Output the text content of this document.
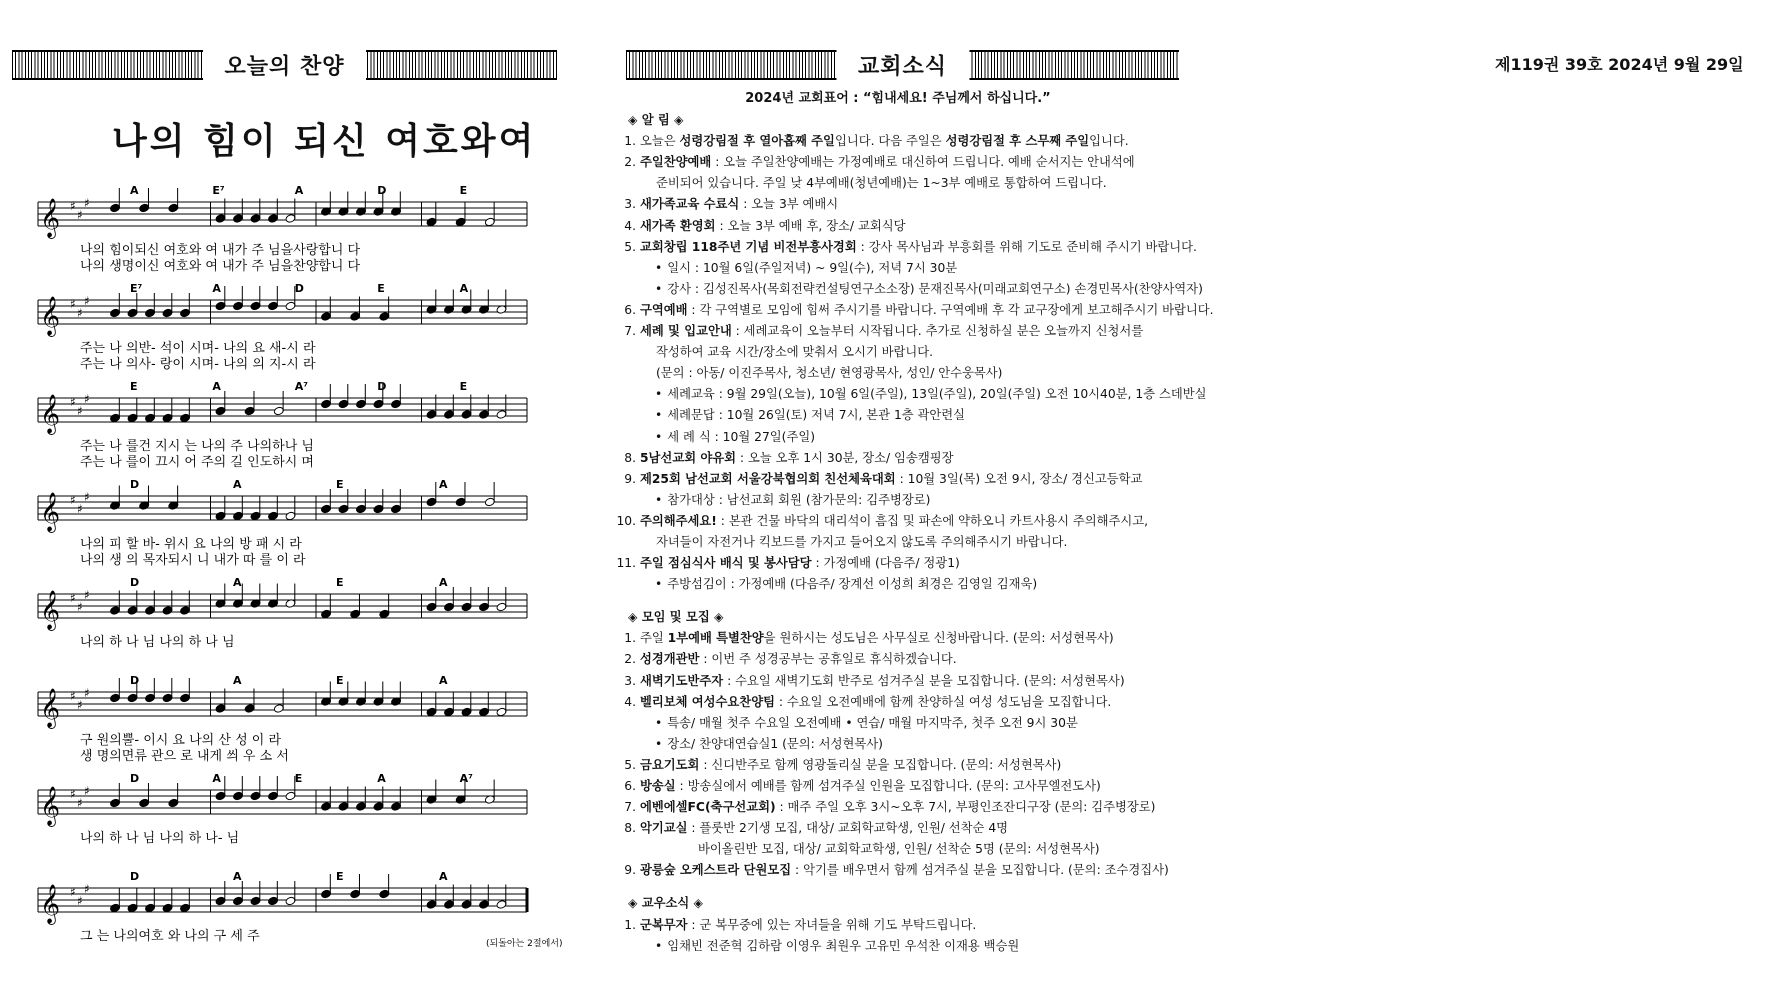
오늘의 찬양
나의 힘이 되신 여호와여
A	E⁷	A	D	E
𝄞 ♯
♯
♯
나의 힘이되신 여호와 여 내가 주 님을사랑합니 다
나의 생명이신 여호와 여 내가 주 님을찬양합니 다
E⁷	A	D	E	A
𝄞 ♯
♯
♯
주는 나 의반- 석이 시며- 나의 요 새-시 라
주는 나 의사- 랑이 시며- 나의 의 지-시 라
E	A	A⁷	D	E
𝄞 ♯
♯
♯
주는 나 를건 지시 는 나의 주 나의하나 님
주는 나 를이 끄시 어 주의 길 인도하시 며
D	A	E	A
𝄞 ♯
♯
♯
나의 피 할 바- 위시 요 나의 방 패 시 라
나의 생 의 목자되시 니 내가 따 를 이 라
D	A	E	A
𝄞 ♯
♯
♯
나의 하 나 님 나의 하 나 님
D	A	E	A
𝄞 ♯
♯
♯
구 원의뿔- 이시 요 나의 산 성 이 라
생 명의면류 관으 로 내게 씌 우 소 서
D	A	E	A	A⁷
𝄞 ♯
♯
♯
나의 하 나 님 나의 하 나- 님
D	A	E	A
𝄞 ♯
♯
♯
그 는 나의여호 와 나의 구 세 주	(되돌아는 2절에서)
교회소식	제119권 39호 2024년 9월 29일
2024년 교회표어 : “힘내세요! 주님께서 하십니다.”
◈ 알 림 ◈
1. 오늘은 성령강림절 후 열아홉째 주일입니다. 다음 주일은 성령강림절 후 스무째 주일입니다.
2. 주일찬양예배 : 오늘 주일찬양예배는 가정예배로 대신하여 드립니다. 예배 순서지는 안내석에
준비되어 있습니다. 주일 낮 4부예배(청년예배)는 1~3부 예배로 통합하여 드립니다.
3. 새가족교육 수료식 : 오늘 3부 예배시
4. 새가족 환영회 : 오늘 3부 예배 후, 장소/ 교회식당
5. 교회창립 118주년 기념 비전부흥사경회 : 강사 목사님과 부흥회를 위해 기도로 준비해 주시기 바랍니다.
• 일시 : 10월 6일(주일저녁) ~ 9일(수), 저녁 7시 30분
• 강사 : 김성진목사(목회전략컨설팅연구소소장) 문재진목사(미래교회연구소) 손경민목사(찬양사역자)
6. 구역예배 : 각 구역별로 모임에 힘써 주시기를 바랍니다. 구역예배 후 각 교구장에게 보고해주시기 바랍니다.
7. 세례 및 입교안내 : 세례교육이 오늘부터 시작됩니다. 추가로 신청하실 분은 오늘까지 신청서를
작성하여 교육 시간/장소에 맞춰서 오시기 바랍니다.
(문의 : 아동/ 이진주목사, 청소년/ 현영광목사, 성인/ 안수웅목사)
• 세례교육 : 9월 29일(오늘), 10월 6일(주일), 13일(주일), 20일(주일) 오전 10시40분, 1층 스데반실
• 세례문답 : 10월 26일(토) 저녁 7시, 본관 1층 곽안련실
• 세 례 식 : 10월 27일(주일)
8. 5남선교회 야유회 : 오늘 오후 1시 30분, 장소/ 임송캠핑장
9. 제25회 남선교회 서울강북협의회 친선체육대회 : 10월 3일(목) 오전 9시, 장소/ 경신고등학교
• 참가대상 : 남선교회 회원 (참가문의: 김주병장로)
10. 주의해주세요! : 본관 건물 바닥의 대리석이 흠집 및 파손에 약하오니 카트사용시 주의해주시고,
자녀들이 자전거나 킥보드를 가지고 들어오지 않도록 주의해주시기 바랍니다.
11. 주일 점심식사 배식 및 봉사담당 : 가정예배 (다음주/ 정광1)
• 주방섬김이 : 가정예배 (다음주/ 장계선 이성희 최경은 김영일 김재욱)
◈ 모임 및 모집 ◈
1. 주일 1부예배 특별찬양을 원하시는 성도님은 사무실로 신청바랍니다. (문의: 서성현목사)
2. 성경개관반 : 이번 주 성경공부는 공휴일로 휴식하겠습니다.
3. 새벽기도반주자 : 수요일 새벽기도회 반주로 섬겨주실 분을 모집합니다. (문의: 서성현목사)
4. 벨리보체 여성수요찬양팀 : 수요일 오전예배에 함께 찬양하실 여성 성도님을 모집합니다.
• 특송/ 매월 첫주 수요일 오전예배 • 연습/ 매월 마지막주, 첫주 오전 9시 30분
• 장소/ 찬양대연습실1 (문의: 서성현목사)
5. 금요기도회 : 신디반주로 함께 영광돌리실 분을 모집합니다. (문의: 서성현목사)
6. 방송실 : 방송실에서 예배를 함께 섬겨주실 인원을 모집합니다. (문의: 고사무엘전도사)
7. 에벤에셀FC(축구선교회) : 매주 주일 오후 3시~오후 7시, 부평인조잔디구장 (문의: 김주병장로)
8. 악기교실 : 플룻반 2기생 모집, 대상/ 교회학교학생, 인원/ 선착순 4명
바이올린반 모집, 대상/ 교회학교학생, 인원/ 선착순 5명 (문의: 서성현목사)
9. 광릉숲 오케스트라 단원모집 : 악기를 배우면서 함께 섬겨주실 분을 모집합니다. (문의: 조수경집사)
◈ 교우소식 ◈
1. 군복무자 : 군 복무중에 있는 자녀들을 위해 기도 부탁드립니다.
• 임채빈 전준혁 김하람 이영우 최원우 고유민 우석찬 이재용 백승원
